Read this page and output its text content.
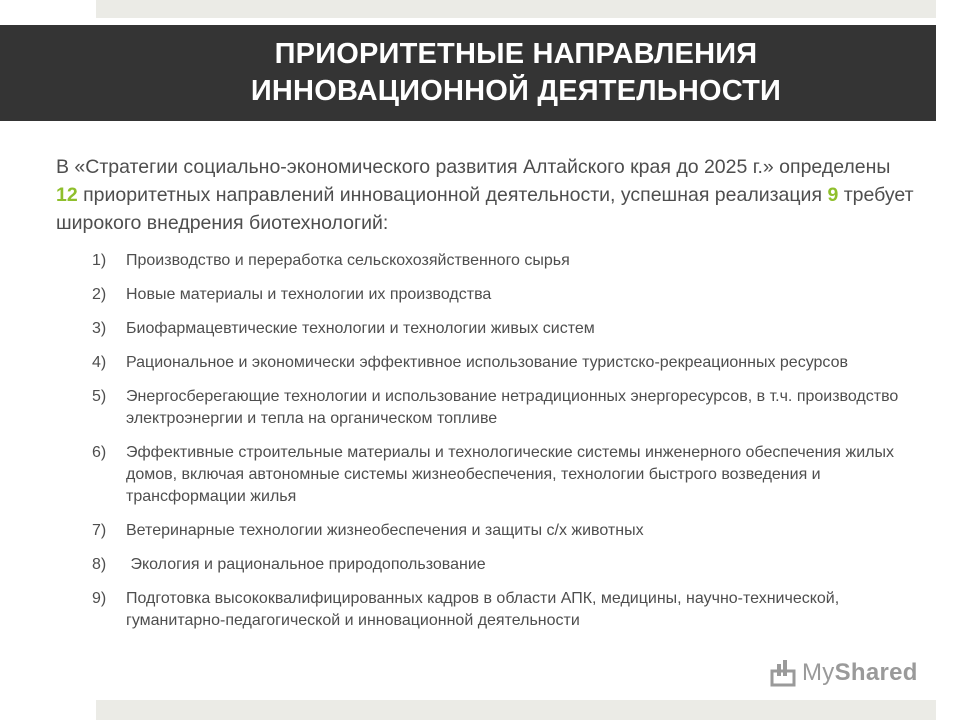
ПРИОРИТЕТНЫЕ НАПРАВЛЕНИЯ
ИННОВАЦИОННОЙ ДЕЯТЕЛЬНОСТИ

В «Стратегии социально-экономического развития Алтайского края до 2025 г.» определены 12 приоритетных направлений инновационной деятельности, успешная реализация 9 требует широкого внедрения биотехнологий:

1)	Производство и переработка сельскохозяйственного сырья
2)	Новые материалы и технологии их производства
3)	Биофармацевтические технологии и технологии живых систем
4)	Рациональное и экономически эффективное использование туристско-рекреационных ресурсов
5)	Энергосберегающие технологии и использование нетрадиционных энергоресурсов, в т.ч. производство электроэнергии и тепла на органическом топливе
6)	Эффективные строительные материалы и технологические системы инженерного обеспечения жилых домов, включая автономные системы жизнеобеспечения, технологии быстрого возведения и трансформации жилья
7)	Ветеринарные технологии жизнеобеспечения и защиты с/х животных
8)	Экология и рациональное природопользование
9)	Подготовка высококвалифицированных кадров в области АПК, медицины, научно-технической, гуманитарно-педагогической и инновационной деятельности
MyShared
